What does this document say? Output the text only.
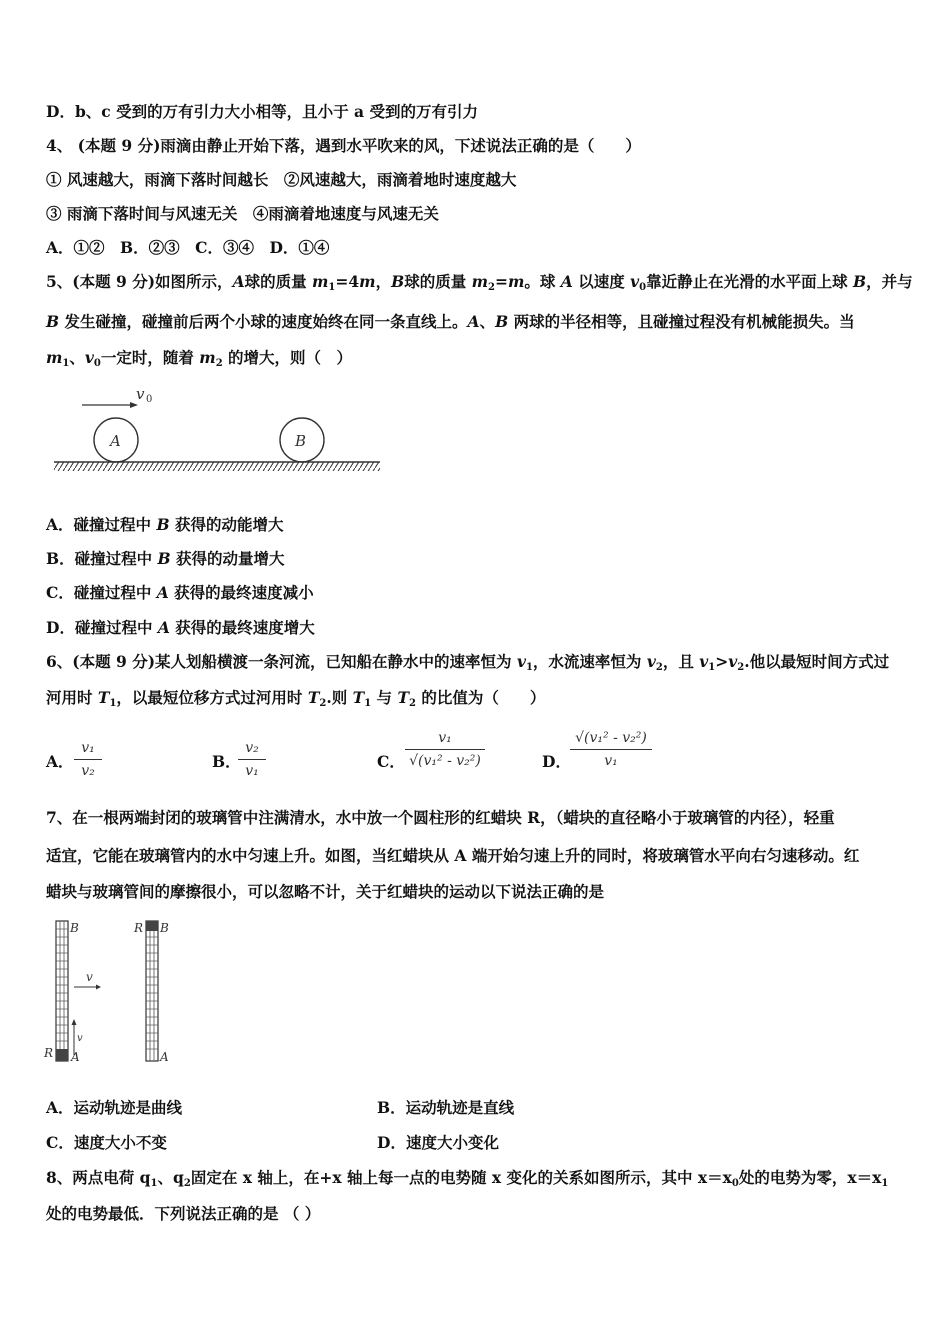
D．b、c 受到的万有引力大小相等，且小于 a 受到的万有引力
4、 (本题 9 分)雨滴由静止开始下落，遇到水平吹来的风，下述说法正确的是（　　）
① 风速越大，雨滴下落时间越长　②风速越大，雨滴着地时速度越大
③ 雨滴下落时间与风速无关　④雨滴着地速度与风速无关
A．①②　B．②③　C．③④　D．①④
5、(本题 9 分)如图所示，A球的质量 $m_1=4m$，B球的质量 $m_2=m$。球 A 以速度 $v_0$靠近静止在光滑的水平面上球 B，并与
B 发生碰撞，碰撞前后两个小球的速度始终在同一条直线上。A、B 两球的半径相等，且碰撞过程没有机械能损失。当
$m_1$、$v_0$一定时，随着 $m_2$ 的增大，则（　）
v 0
A	B
A．碰撞过程中 B 获得的动能增大
B．碰撞过程中 B 获得的动量增大
C．碰撞过程中 A 获得的最终速度减小
D．碰撞过程中 A 获得的最终速度增大
6、(本题 9 分)某人划船横渡一条河流，已知船在静水中的速率恒为 $v_1$，水流速率恒为 $v_2$，且 $v_1>v_2$.他以最短时间方式过
河用时 $T_1$，以最短位移方式过河用时 $T_2$.则 $T_1$ 与 $T_2$ 的比值为（　　）
A．
v₁
v₂	B．
v₂
v₁	C．
v₁
√(v₁² - v₂²)	D．
√(v₁² - v₂²)
v₁
7、在一根两端封闭的玻璃管中注满清水，水中放一个圆柱形的红蜡块 R，（蜡块的直径略小于玻璃管的内径），轻重
适宜，它能在玻璃管内的水中匀速上升。如图，当红蜡块从 A 端开始匀速上升的同时，将玻璃管水平向右匀速移动。红
蜡块与玻璃管间的摩擦很小，可以忽略不计，关于红蜡块的运动以下说法正确的是
B
A
R
v
v
B
R
A
A．运动轨迹是曲线	B．运动轨迹是直线
C．速度大小不变	D．速度大小变化
8、两点电荷 $q_1$、$q_2$固定在 x 轴上，在+x 轴上每一点的电势随 x 变化的关系如图所示，其中 $x=x_0$处的电势为零，$x=x_1$
处的电势最低．下列说法正确的是 （ ）
